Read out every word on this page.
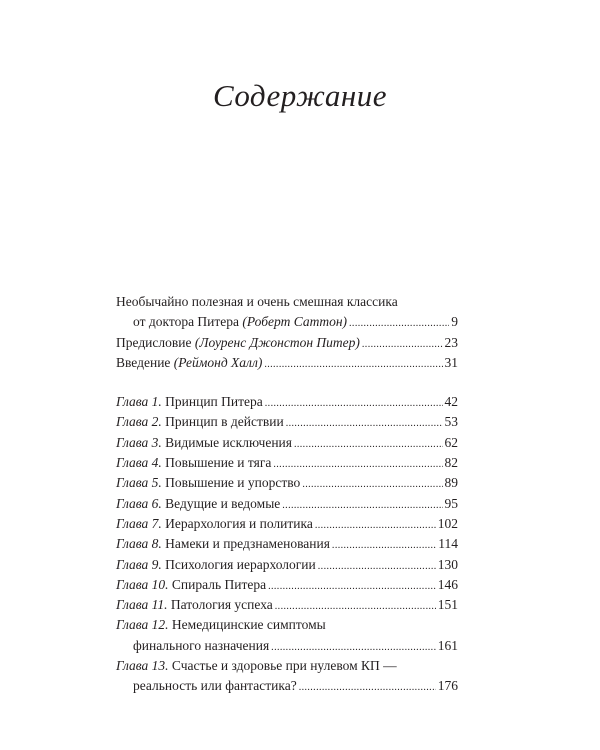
Содержание
Необычайно полезная и очень смешная классика
от доктора Питера (Роберт Саттон) .....	9
Предисловие (Лоуренс Джонстон Питер) .....	23
Введение (Реймонд Халл) .....	31
Глава 1. Принцип Питера .....	42
Глава 2. Принцип в действии .....	53
Глава 3. Видимые исключения .....	62
Глава 4. Повышение и тяга .....	82
Глава 5. Повышение и упорство .....	89
Глава 6. Ведущие и ведомые .....	95
Глава 7. Иерархология и политика .....	102
Глава 8. Намеки и предзнаменования .....	114
Глава 9. Психология иерархологии .....	130
Глава 10. Спираль Питера .....	146
Глава 11. Патология успеха .....	151
Глава 12. Немедицинские симптомы
финального назначения .....	161
Глава 13. Счастье и здоровье при нулевом КП —
реальность или фантастика? .....	176
